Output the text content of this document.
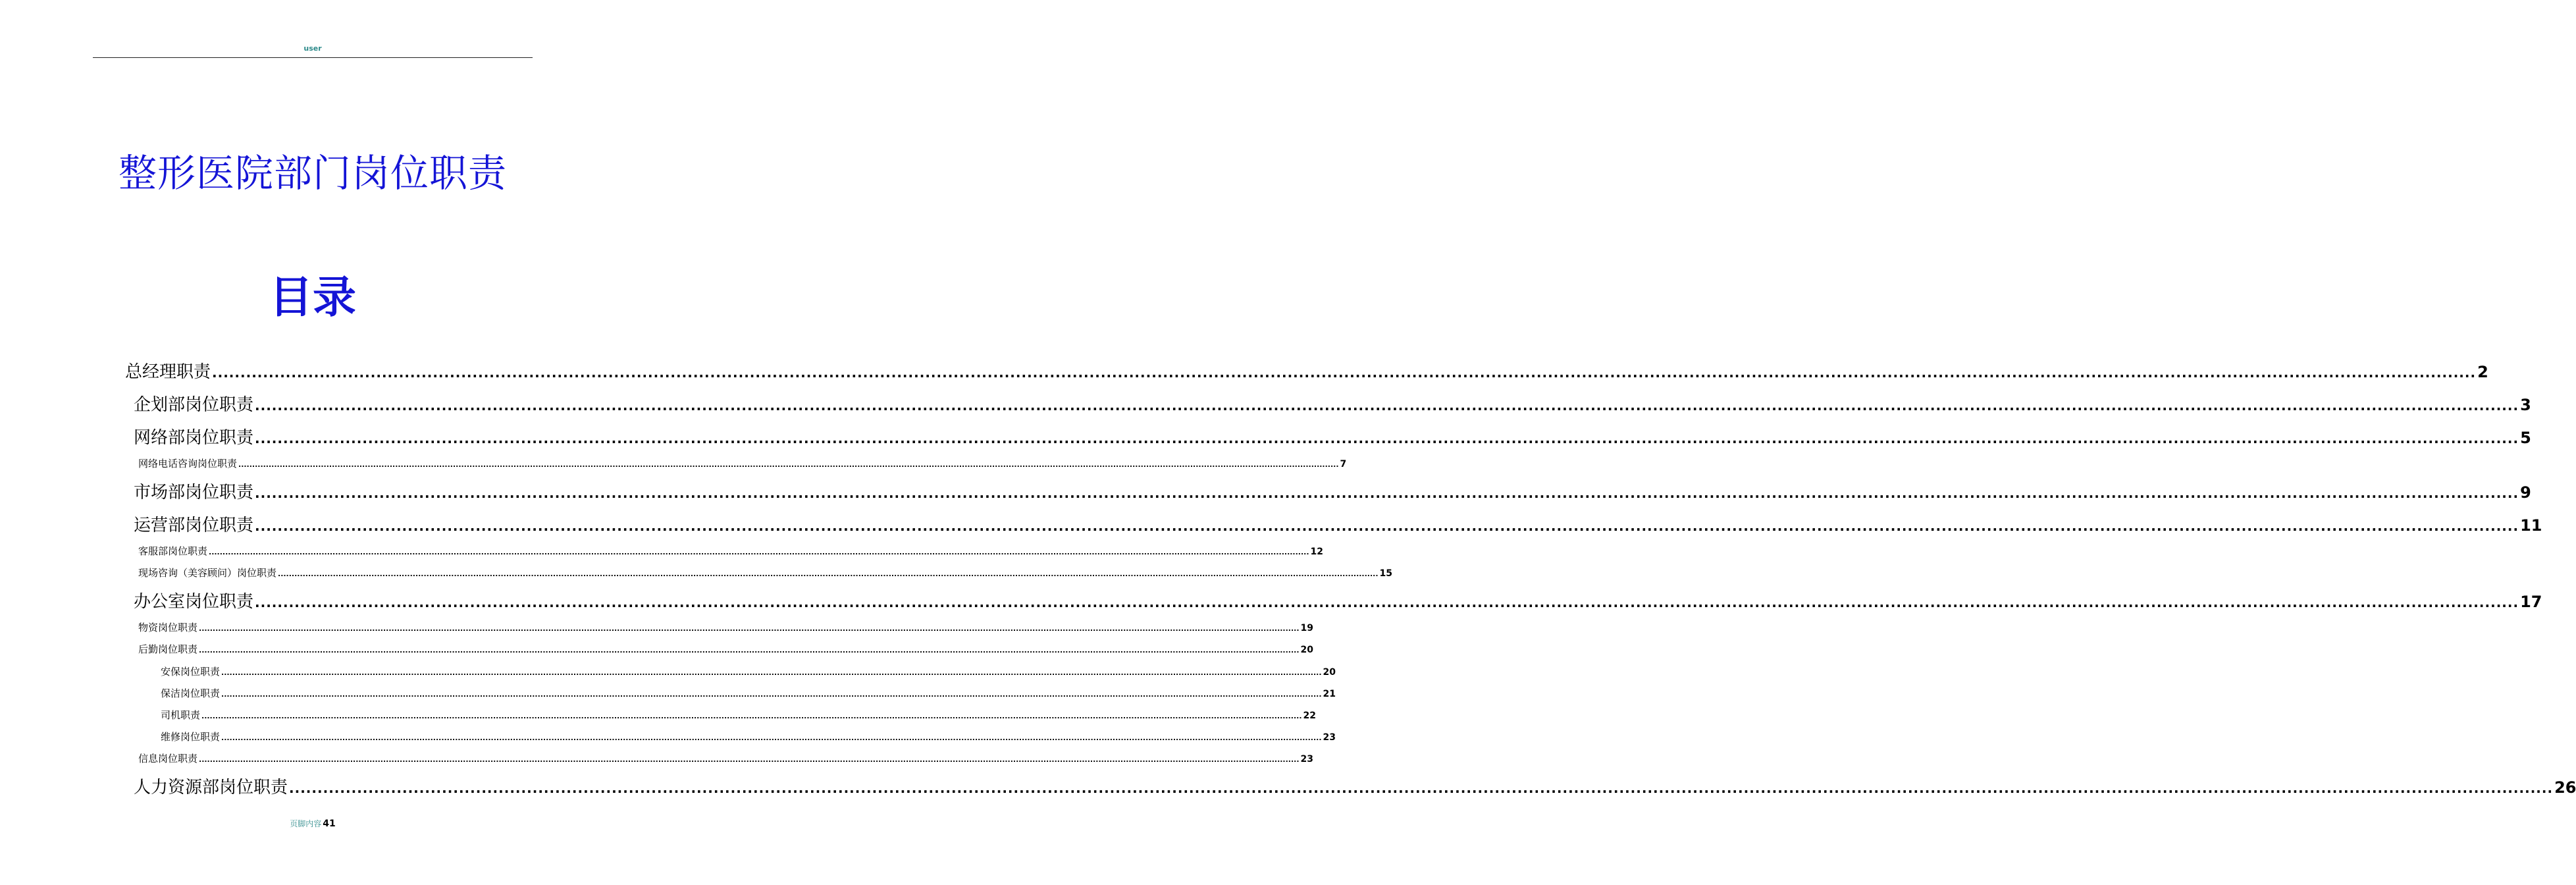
user
整形医院部门岗位职责
目录
总经理职责 ................................................................................................................................................................................................................................................................................................................................................................................................................ 2
企划部岗位职责 ................................................................................................................................................................................................................................................................................................................................................................................................................ 3
网络部岗位职责 ................................................................................................................................................................................................................................................................................................................................................................................................................ 5
网络电话咨询岗位职责 ................................................................................................................................................................................................................................................................................................................................................................................................................ 7
市场部岗位职责 ................................................................................................................................................................................................................................................................................................................................................................................................................ 9
运营部岗位职责 ................................................................................................................................................................................................................................................................................................................................................................................................................ 11
客服部岗位职责 ................................................................................................................................................................................................................................................................................................................................................................................................................ 12
现场咨询（美容顾问）岗位职责 ................................................................................................................................................................................................................................................................................................................................................................................................................ 15
办公室岗位职责 ................................................................................................................................................................................................................................................................................................................................................................................................................ 17
物资岗位职责 ................................................................................................................................................................................................................................................................................................................................................................................................................ 19
后勤岗位职责 ................................................................................................................................................................................................................................................................................................................................................................................................................ 20
安保岗位职责 ................................................................................................................................................................................................................................................................................................................................................................................................................ 20
保洁岗位职责 ................................................................................................................................................................................................................................................................................................................................................................................................................ 21
司机职责 ................................................................................................................................................................................................................................................................................................................................................................................................................ 22
维修岗位职责 ................................................................................................................................................................................................................................................................................................................................................................................................................ 23
信息岗位职责 ................................................................................................................................................................................................................................................................................................................................................................................................................ 23
人力资源部岗位职责 ................................................................................................................................................................................................................................................................................................................................................................................................................ 26
页脚内容 41
